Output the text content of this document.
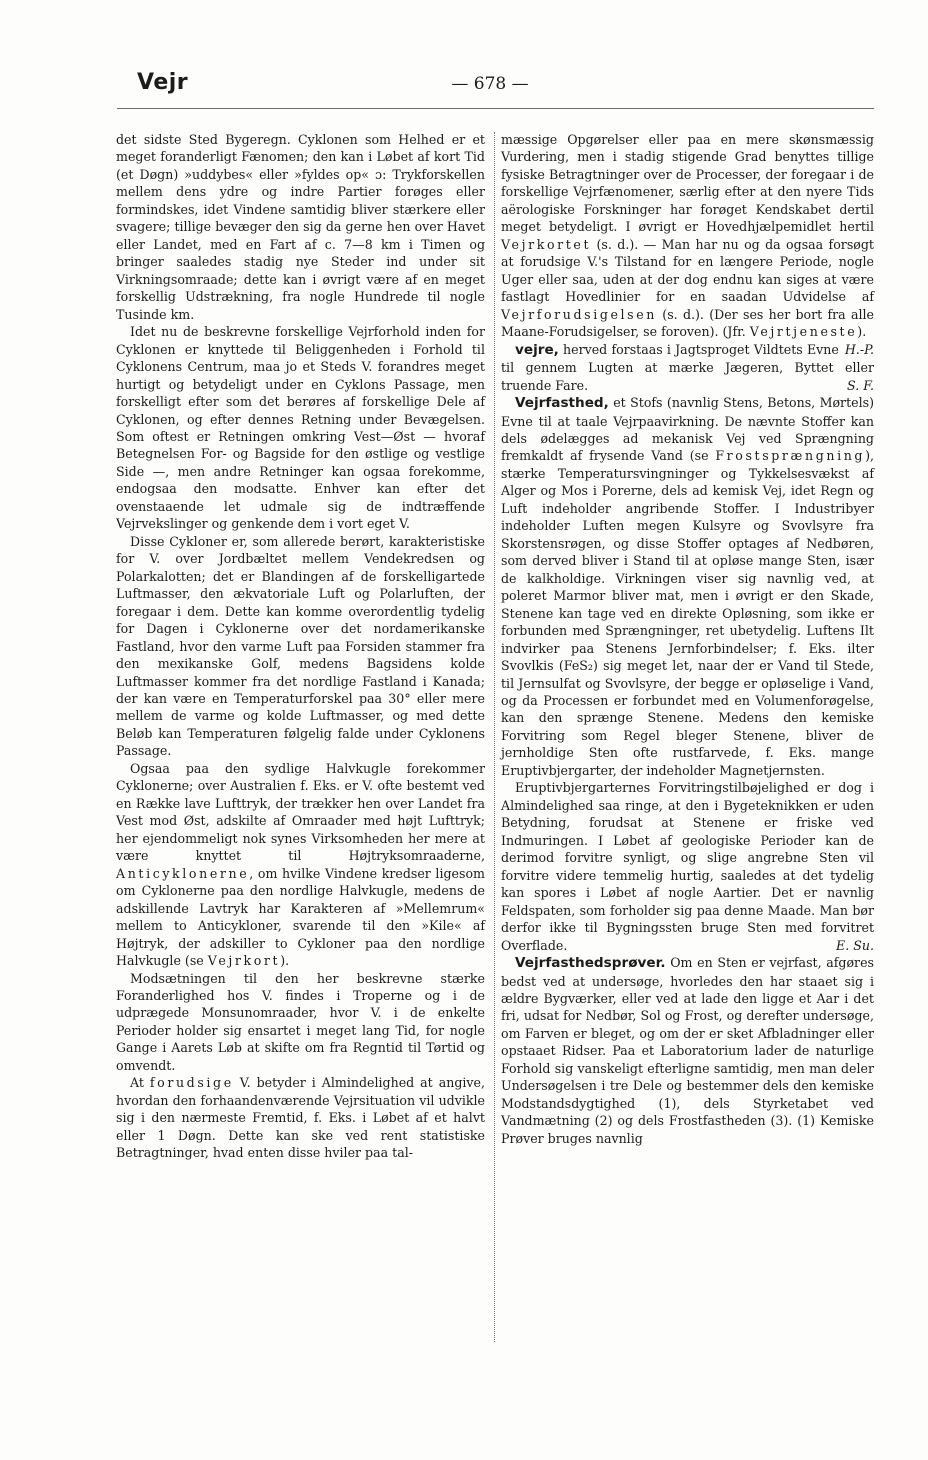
Vejr	— 678 —

det sidste Sted Bygeregn. Cyklonen som Helhed er et meget foranderligt Fænomen; den kan i Løbet af kort Tid (et Døgn) »uddybes« eller »fyldes op« ɔ: Trykforskellen mellem dens ydre og indre Partier forøges eller formindskes, idet Vindene samtidig bliver stærkere eller svagere; tillige bevæger den sig da gerne hen over Havet eller Landet, med en Fart af c. 7—8 km i Timen og bringer saaledes stadig nye Steder ind under sit Virkningsomraade; dette kan i øvrigt være af en meget forskellig Udstrækning, fra nogle Hundrede til nogle Tusinde km.

Idet nu de beskrevne forskellige Vejrforhold inden for Cyklonen er knyttede til Beliggenheden i Forhold til Cyklonens Centrum, maa jo et Steds V. forandres meget hurtigt og betydeligt under en Cyklons Passage, men forskelligt efter som det berøres af forskellige Dele af Cyklonen, og efter dennes Retning under Bevægelsen. Som oftest er Retningen omkring Vest—Øst — hvoraf Betegnelsen For- og Bagside for den østlige og vestlige Side —, men andre Retninger kan ogsaa forekomme, endogsaa den modsatte. Enhver kan efter det ovenstaaende let udmale sig de indtræffende Vejrvekslinger og genkende dem i vort eget V.

Disse Cykloner er, som allerede berørt, karakteristiske for V. over Jordbæltet mellem Vendekredsen og Polarkalotten; det er Blandingen af de forskelligartede Luftmasser, den ækvatoriale Luft og Polarluften, der foregaar i dem. Dette kan komme overordentlig tydelig for Dagen i Cyklonerne over det nordamerikanske Fastland, hvor den varme Luft paa Forsiden stammer fra den mexikanske Golf, medens Bagsidens kolde Luftmasser kommer fra det nordlige Fastland i Kanada; der kan være en Temperaturforskel paa 30° eller mere mellem de varme og kolde Luftmasser, og med dette Beløb kan Temperaturen følgelig falde under Cyklonens Passage.

Ogsaa paa den sydlige Halvkugle forekommer Cyklonerne; over Australien f. Eks. er V. ofte bestemt ved en Række lave Lufttryk, der trækker hen over Landet fra Vest mod Øst, adskilte af Omraader med højt Lufttryk; her ejendommeligt nok synes Virksomheden her mere at være knyttet til Højtryksomraaderne, Anticyklonerne, om hvilke Vindene kredser ligesom om Cyklonerne paa den nordlige Halvkugle, medens de adskillende Lavtryk har Karakteren af »Mellemrum« mellem to Anticykloner, svarende til den »Kile« af Højtryk, der adskiller to Cykloner paa den nordlige Halvkugle (se Vejrkort).

Modsætningen til den her beskrevne stærke Foranderlighed hos V. findes i Troperne og i de udprægede Monsunomraader, hvor V. i de enkelte Perioder holder sig ensartet i meget lang Tid, for nogle Gange i Aarets Løb at skifte om fra Regntid til Tørtid og omvendt.

At forudsige V. betyder i Almindelighed at angive, hvordan den forhaandenværende Vejrsituation vil udvikle sig i den nærmeste Fremtid, f. Eks. i Løbet af et halvt eller 1 Døgn. Dette kan ske ved rent statistiske Betragtninger, hvad enten disse hviler paa tal-

mæssige Opgørelser eller paa en mere skønsmæssig Vurdering, men i stadig stigende Grad benyttes tillige fysiske Betragtninger over de Processer, der foregaar i de forskellige Vejrfænomener, særlig efter at den nyere Tids aërologiske Forskninger har forøget Kendskabet dertil meget betydeligt. I øvrigt er Hovedhjælpemidlet hertil Vejrkortet (s. d.). — Man har nu og da ogsaa forsøgt at forudsige V.'s Tilstand for en længere Periode, nogle Uger eller saa, uden at der dog endnu kan siges at være fastlagt Hovedlinier for en saadan Udvidelse af Vejrforudsigelsen (s. d.). (Der ses her bort fra alle Maane-Forudsigelser, se foroven). (Jfr. Vejrtjeneste).
H.-P.

vejre, herved forstaas i Jagtsproget Vildtets Evne til gennem Lugten at mærke Jægeren, Byttet eller truende Fare.	S. F.

Vejrfasthed, et Stofs (navnlig Stens, Betons, Mørtels) Evne til at taale Vejrpaavirkning. De nævnte Stoffer kan dels ødelægges ad mekanisk Vej ved Sprængning fremkaldt af frysende Vand (se Frostsprængning), stærke Temperatursvingninger og Tykkelsesvækst af Alger og Mos i Porerne, dels ad kemisk Vej, idet Regn og Luft indeholder angribende Stoffer. I Industribyer indeholder Luften megen Kulsyre og Svovlsyre fra Skorstensrøgen, og disse Stoffer optages af Nedbøren, som derved bliver i Stand til at opløse mange Sten, især de kalkholdige. Virkningen viser sig navnlig ved, at poleret Marmor bliver mat, men i øvrigt er den Skade, Stenene kan tage ved en direkte Opløsning, som ikke er forbunden med Sprængninger, ret ubetydelig. Luftens Ilt indvirker paa Stenens Jernforbindelser; f. Eks. ilter Svovlkis (FeS₂) sig meget let, naar der er Vand til Stede, til Jernsulfat og Svovlsyre, der begge er opløselige i Vand, og da Processen er forbundet med en Volumenforøgelse, kan den sprænge Stenene. Medens den kemiske Forvitring som Regel bleger Stenene, bliver de jernholdige Sten ofte rustfarvede, f. Eks. mange Eruptivbjergarter, der indeholder Magnetjernsten.

Eruptivbjergarternes Forvitringstilbøjelighed er dog i Almindelighed saa ringe, at den i Bygeteknikken er uden Betydning, forudsat at Stenene er friske ved Indmuringen. I Løbet af geologiske Perioder kan de derimod forvitre synligt, og slige angrebne Sten vil forvitre videre temmelig hurtig, saaledes at det tydelig kan spores i Løbet af nogle Aartier. Det er navnlig Feldspaten, som forholder sig paa denne Maade. Man bør derfor ikke til Bygningssten bruge Sten med forvitret Overflade.	E. Su.

Vejrfasthedsprøver. Om en Sten er vejrfast, afgøres bedst ved at undersøge, hvorledes den har staaet sig i ældre Bygværker, eller ved at lade den ligge et Aar i det fri, udsat for Nedbør, Sol og Frost, og derefter undersøge, om Farven er bleget, og om der er sket Afbladninger eller opstaaet Ridser. Paa et Laboratorium lader de naturlige Forhold sig vanskeligt efterligne samtidig, men man deler Undersøgelsen i tre Dele og bestemmer dels den kemiske Modstandsdygtighed (1), dels Styrketabet ved Vandmætning (2) og dels Frostfastheden (3). (1) Kemiske Prøver bruges navnlig
